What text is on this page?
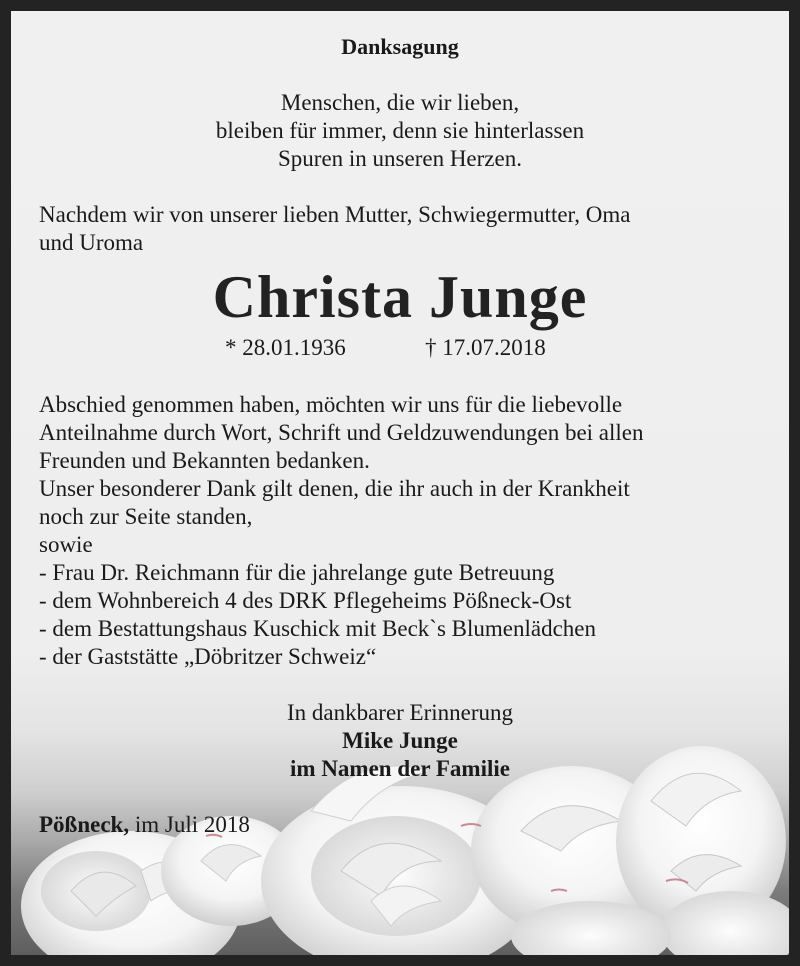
Danksagung
Menschen, die wir lieben,
bleiben für immer, denn sie hinterlassen
Spuren in unseren Herzen.
Nachdem wir von unserer lieben Mutter, Schwiegermutter, Oma
und Uroma
Christa Junge
* 28.01.1936	† 17.07.2018
Abschied genommen haben, möchten wir uns für die liebevolle
Anteilnahme durch Wort, Schrift und Geldzuwendungen bei allen
Freunden und Bekannten bedanken.
Unser besonderer Dank gilt denen, die ihr auch in der Krankheit
noch zur Seite standen,
sowie
- Frau Dr. Reichmann für die jahrelange gute Betreuung
- dem Wohnbereich 4 des DRK Pflegeheims Pößneck-Ost
- dem Bestattungshaus Kuschick mit Beck`s Blumenlädchen
- der Gaststätte „Döbritzer Schweiz“
In dankbarer Erinnerung
Mike Junge
im Namen der Familie
Pößneck, im Juli 2018
